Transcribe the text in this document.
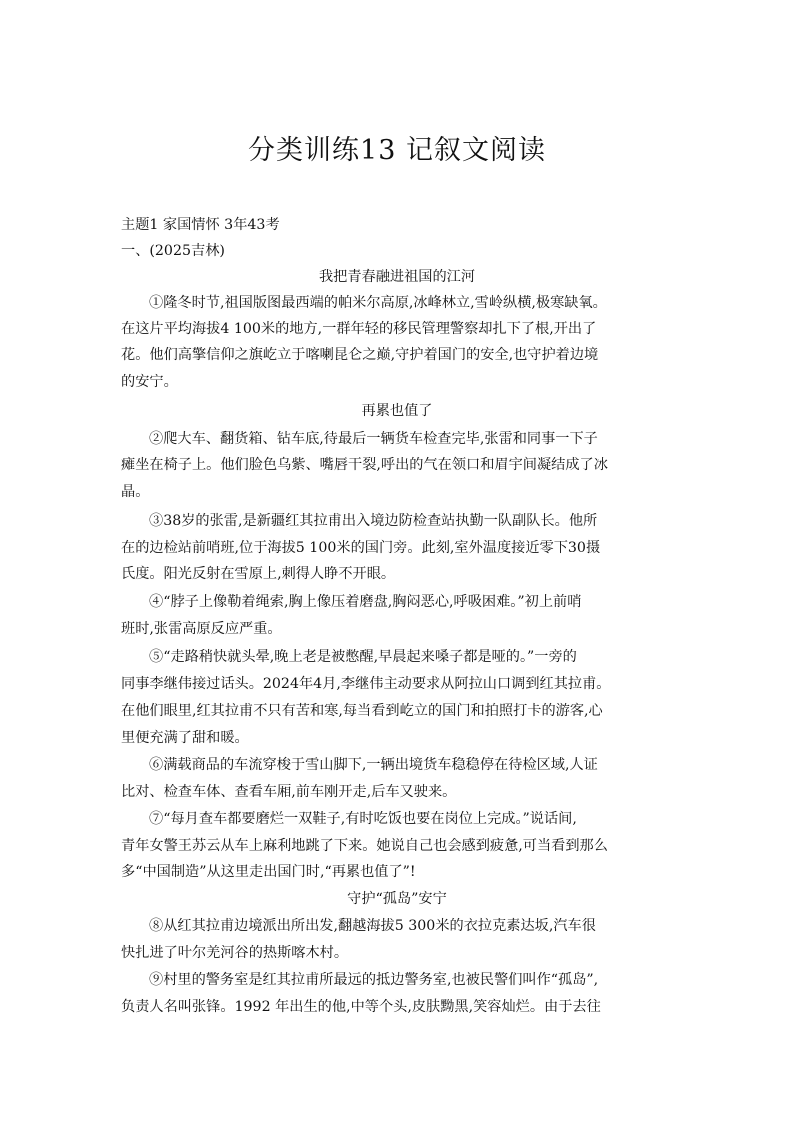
分类训练13 记叙文阅读
主题1 家国情怀 3年43考
一、(2025吉林)
我把青春融进祖国的江河
①隆冬时节,祖国版图最西端的帕米尔高原,冰峰林立,雪岭纵横,极寒缺氧。
在这片平均海拔4 100米的地方,一群年轻的移民管理警察却扎下了根,开出了
花。他们高擎信仰之旗屹立于喀喇昆仑之巅,守护着国门的安全,也守护着边境
的安宁。
再累也值了
②爬大车、翻货箱、钻车底,待最后一辆货车检查完毕,张雷和同事一下子
瘫坐在椅子上。他们脸色乌紫、嘴唇干裂,呼出的气在领口和眉宇间凝结成了冰
晶。
③38岁的张雷,是新疆红其拉甫出入境边防检查站执勤一队副队长。他所
在的边检站前哨班,位于海拔5 100米的国门旁。此刻,室外温度接近零下30摄
氏度。阳光反射在雪原上,刺得人睁不开眼。
④“脖子上像勒着绳索,胸上像压着磨盘,胸闷恶心,呼吸困难。”初上前哨
班时,张雷高原反应严重。
⑤“走路稍快就头晕,晚上老是被憋醒,早晨起来嗓子都是哑的。”一旁的
同事李继伟接过话头。2024年4月,李继伟主动要求从阿拉山口调到红其拉甫。
在他们眼里,红其拉甫不只有苦和寒,每当看到屹立的国门和拍照打卡的游客,心
里便充满了甜和暖。
⑥满载商品的车流穿梭于雪山脚下,一辆出境货车稳稳停在待检区域,人证
比对、检查车体、查看车厢,前车刚开走,后车又驶来。
⑦“每月查车都要磨烂一双鞋子,有时吃饭也要在岗位上完成。”说话间,
青年女警王苏云从车上麻利地跳了下来。她说自己也会感到疲惫,可当看到那么
多“中国制造”从这里走出国门时,“再累也值了”!
守护“孤岛”安宁
⑧从红其拉甫边境派出所出发,翻越海拔5 300米的衣拉克素达坂,汽车很
快扎进了叶尔羌河谷的热斯喀木村。
⑨村里的警务室是红其拉甫所最远的抵边警务室,也被民警们叫作“孤岛”,
负责人名叫张锋。1992 年出生的他,中等个头,皮肤黝黑,笑容灿烂。由于去往
